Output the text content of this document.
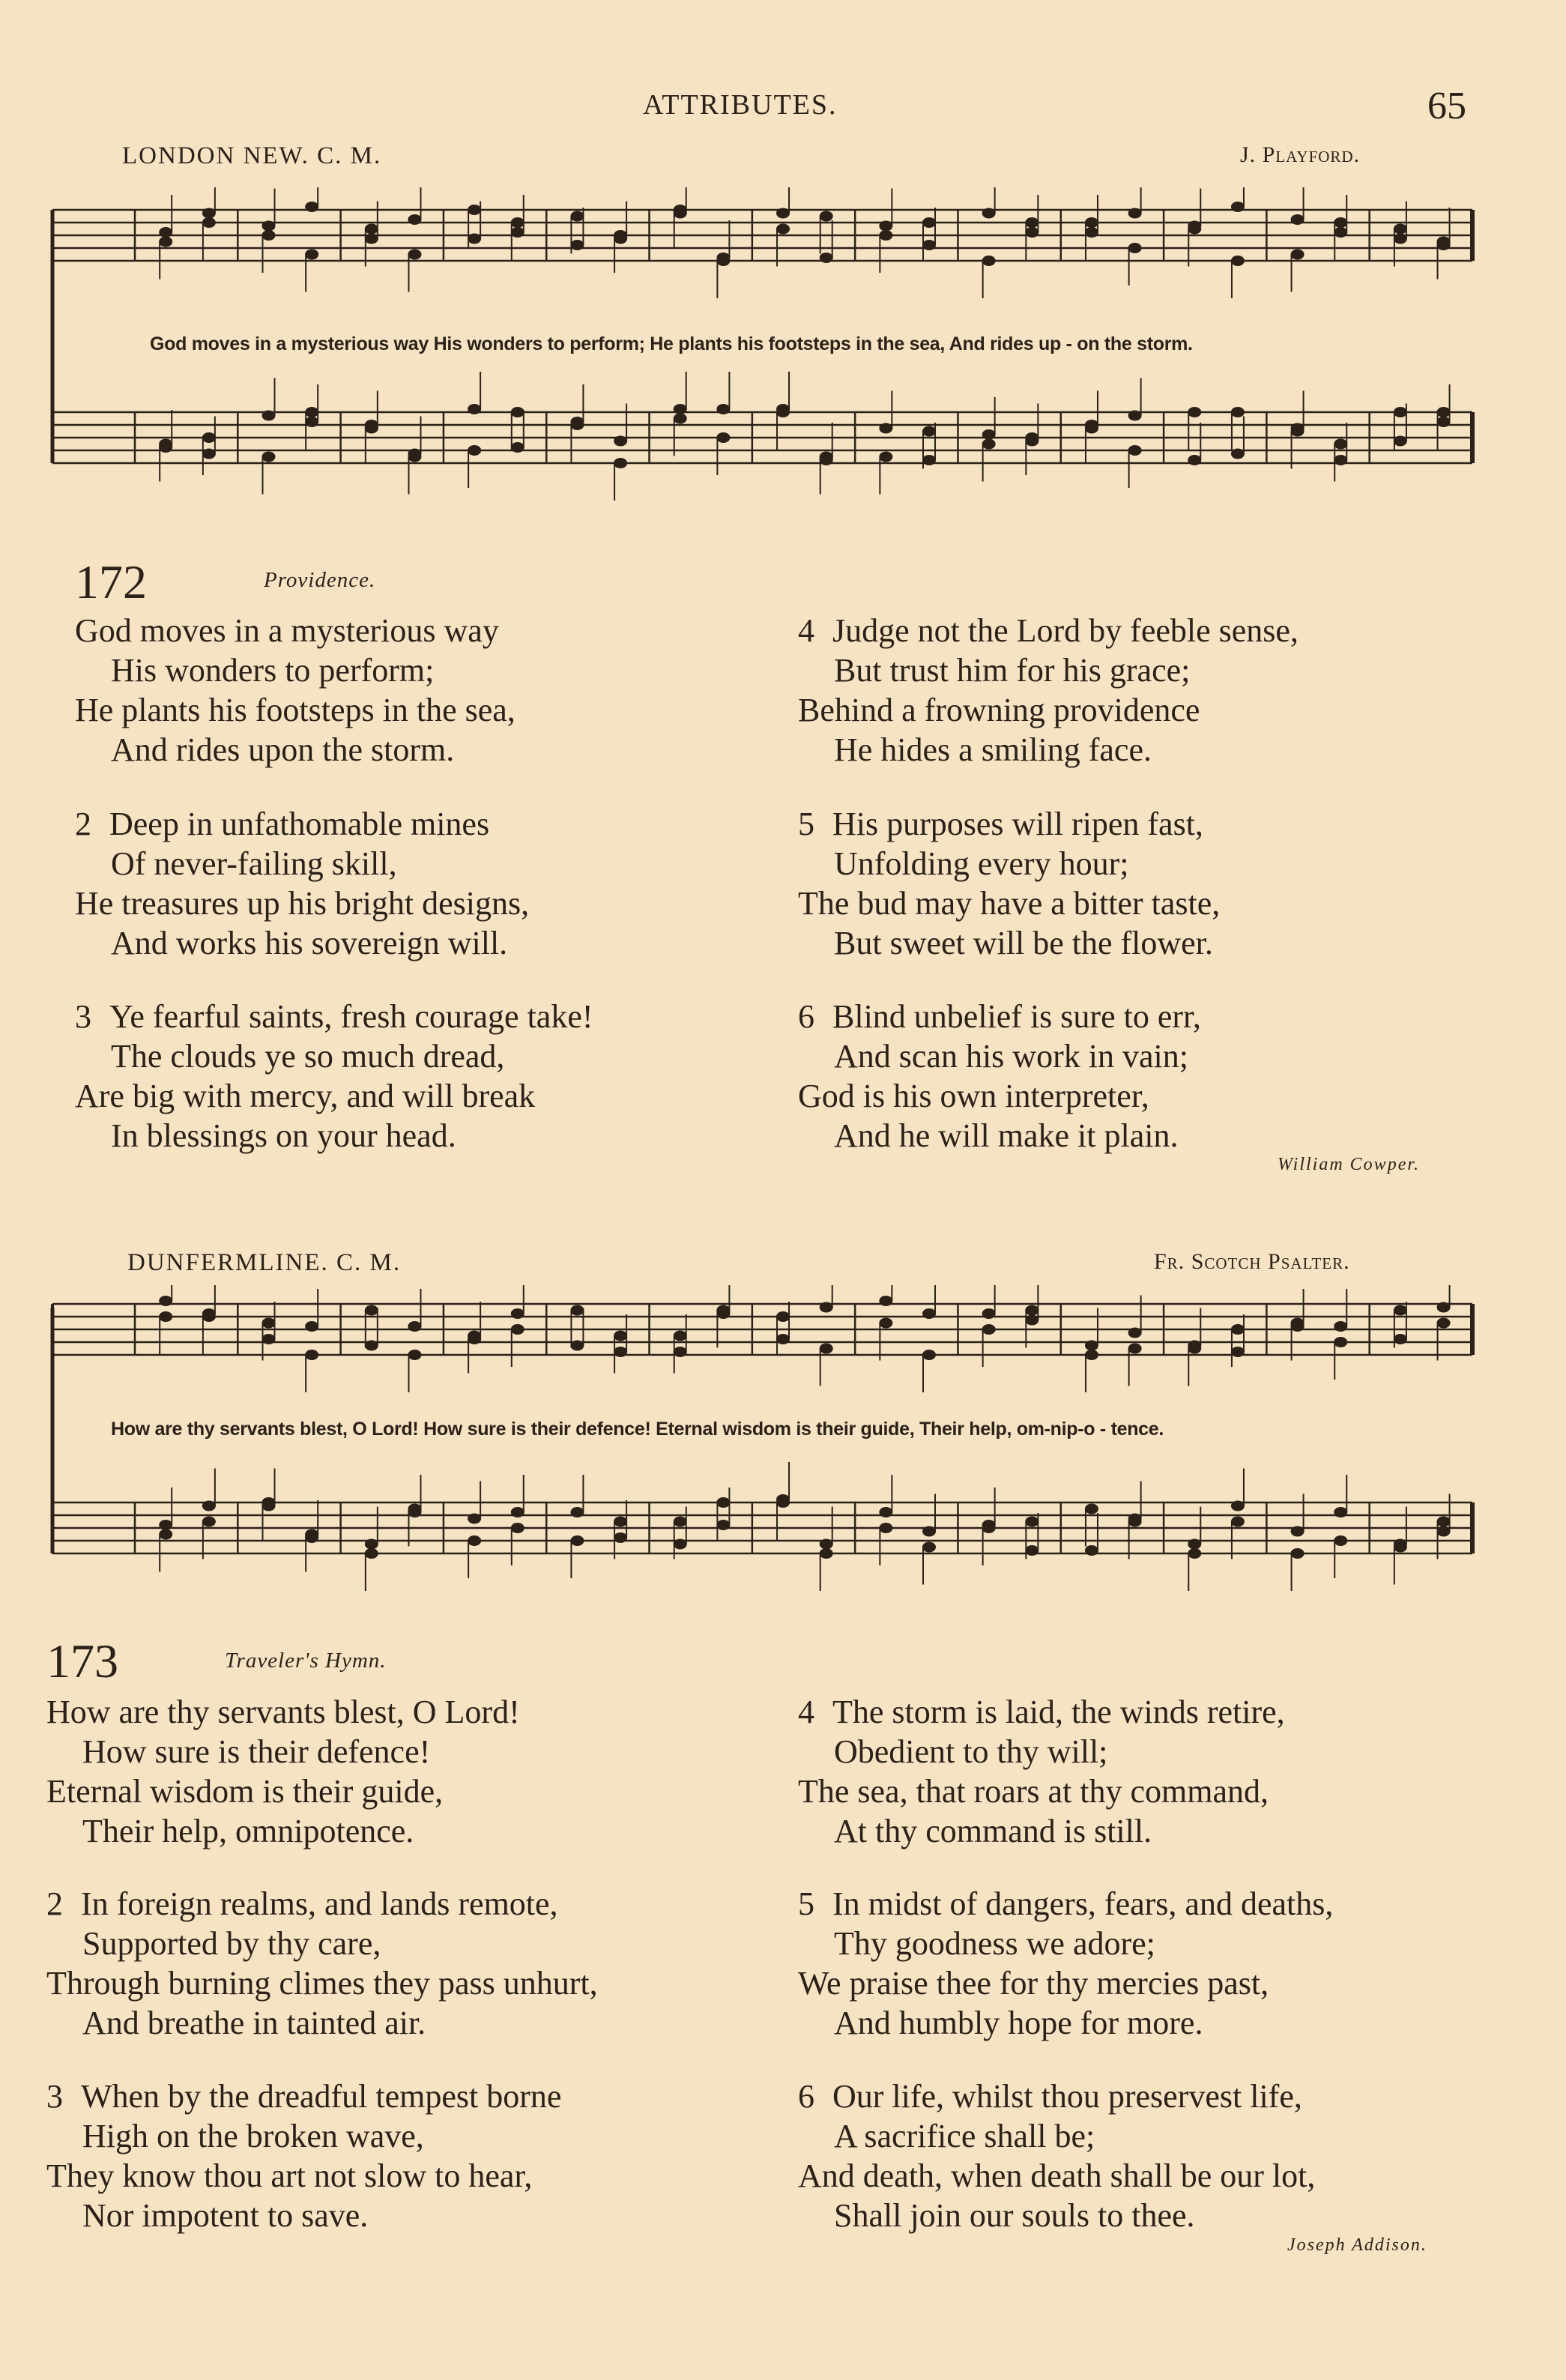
ATTRIBUTES.	65
LONDON NEW. C. M.	J. Playford.
God moves in a mysterious way His wonders to perform; He plants his footsteps in the sea, And rides up - on the storm.
172	Providence.
God moves in a mysterious way
His wonders to perform;
He plants his footsteps in the sea,
And rides upon the storm.
2 Deep in unfathomable mines
Of never-failing skill,
He treasures up his bright designs,
And works his sovereign will.
3 Ye fearful saints, fresh courage take!
The clouds ye so much dread,
Are big with mercy, and will break
In blessings on your head.
4 Judge not the Lord by feeble sense,
But trust him for his grace;
Behind a frowning providence
He hides a smiling face.
5 His purposes will ripen fast,
Unfolding every hour;
The bud may have a bitter taste,
But sweet will be the flower.
6 Blind unbelief is sure to err,
And scan his work in vain;
God is his own interpreter,
And he will make it plain.
William Cowper.
DUNFERMLINE. C. M.	Fr. Scotch Psalter.
How are thy servants blest, O Lord! How sure is their defence! Eternal wisdom is their guide, Their help, om-nip-o - tence.
173	Traveler's Hymn.
How are thy servants blest, O Lord!
How sure is their defence!
Eternal wisdom is their guide,
Their help, omnipotence.
2 In foreign realms, and lands remote,
Supported by thy care,
Through burning climes they pass unhurt,
And breathe in tainted air.
3 When by the dreadful tempest borne
High on the broken wave,
They know thou art not slow to hear,
Nor impotent to save.
4 The storm is laid, the winds retire,
Obedient to thy will;
The sea, that roars at thy command,
At thy command is still.
5 In midst of dangers, fears, and deaths,
Thy goodness we adore;
We praise thee for thy mercies past,
And humbly hope for more.
6 Our life, whilst thou preservest life,
A sacrifice shall be;
And death, when death shall be our lot,
Shall join our souls to thee.
Joseph Addison.
